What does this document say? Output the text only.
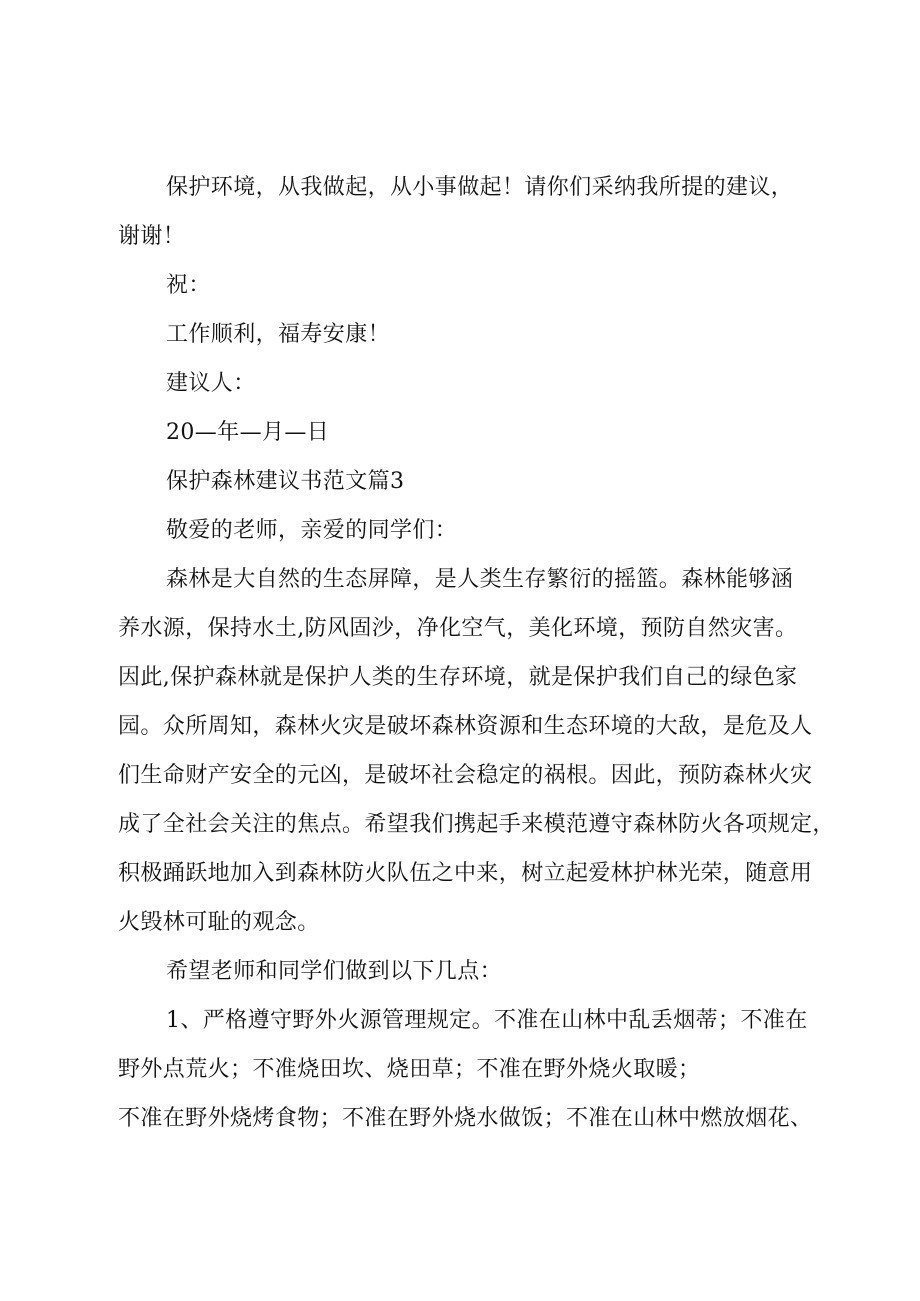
保护环境，从我做起，从小事做起！请你们采纳我所提的建议，
谢谢！
祝：
工作顺利，福寿安康！
建议人：
20—年—月—日
保护森林建议书范文篇3
敬爱的老师，亲爱的同学们：
森林是大自然的生态屏障，是人类生存繁衍的摇篮。森林能够涵
养水源，保持水土,防风固沙，净化空气，美化环境，预防自然灾害。
因此,保护森林就是保护人类的生存环境，就是保护我们自己的绿色家
园。众所周知，森林火灾是破坏森林资源和生态环境的大敌，是危及人
们生命财产安全的元凶，是破坏社会稳定的祸根。因此，预防森林火灾
成了全社会关注的焦点。希望我们携起手来模范遵守森林防火各项规定，
积极踊跃地加入到森林防火队伍之中来，树立起爱林护林光荣，随意用
火毁林可耻的观念。
希望老师和同学们做到以下几点：
1、严格遵守野外火源管理规定。不准在山林中乱丢烟蒂；不准在
野外点荒火；不准烧田坎、烧田草；不准在野外烧火取暖；
不准在野外烧烤食物；不准在野外烧水做饭；不准在山林中燃放烟花、
